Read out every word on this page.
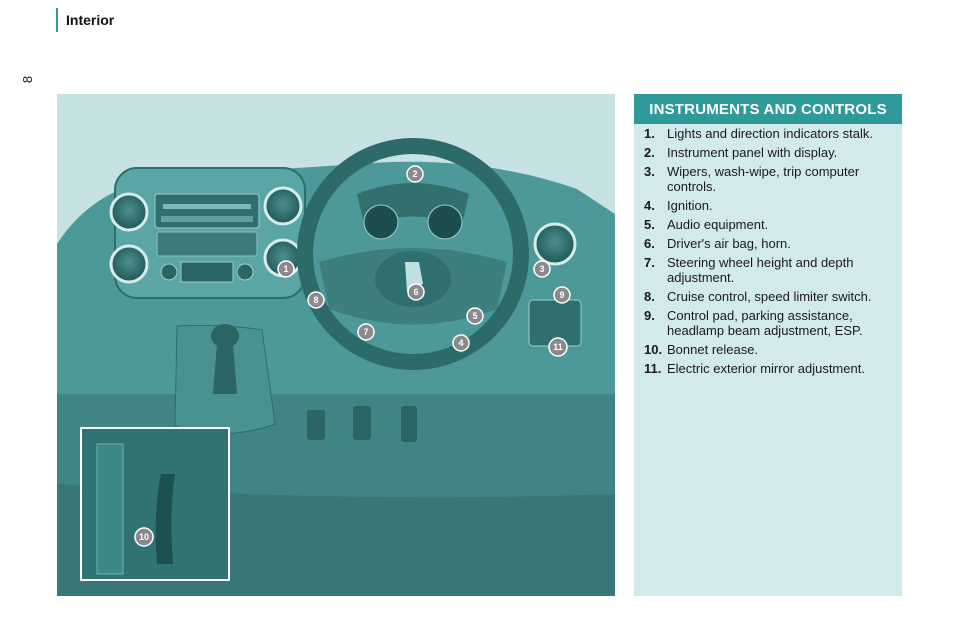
Interior
8
1
2
3
4
5
6
7
8	9
10
11
INSTRUMENTS AND CONTROLS
1. Lights and direction indicators stalk.
2. Instrument panel with display.
3. Wipers, wash-wipe, trip computer controls.
4. Ignition.
5. Audio equipment.
6. Driver's air bag, horn.
7. Steering wheel height and depth adjustment.
8. Cruise control, speed limiter switch.
9. Control pad, parking assistance, headlamp beam adjustment, ESP.
10. Bonnet release.
11. Electric exterior mirror adjustment.
